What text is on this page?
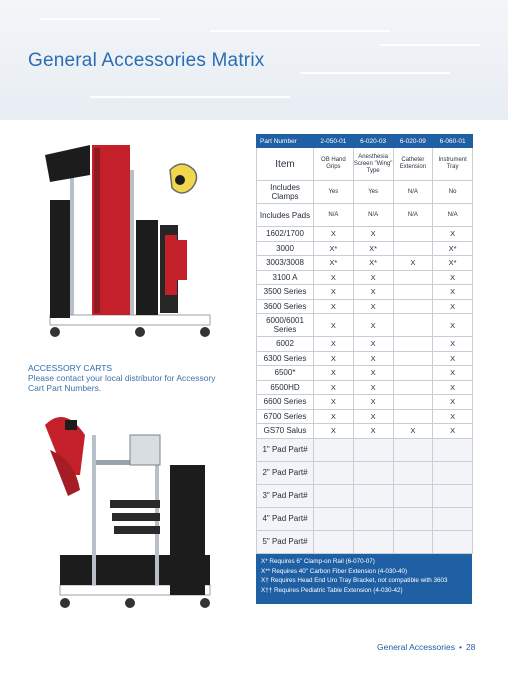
General Accessories Matrix

ACCESSORY CARTS

Please contact your local distributor for Accessory Cart Part Numbers.

Part Number	2-050-01	6-020-03	6-020-09	6-060-01
Item	OB Hand Grips	Anesthesia Screen "Wing" Type	Catheter Extension	Instrument Tray
Includes Clamps	Yes	Yes	N/A	No
Includes Pads	N/A	N/A	N/A	N/A
1602/1700	X	X		X
3000	X*	X*		X*
3003/3008	X*	X*	X	X*
3100 A	X	X		X
3500 Series	X	X		X
3600 Series	X	X		X
6000/6001 Series	X	X		X
6002	X	X		X
6300 Series	X	X		X
6500*	X	X		X
6500HD	X	X		X
6600 Series	X	X		X
6700 Series	X	X		X
GS70 Salus	X	X	X	X
1" Pad Part#				
2" Pad Part#				
3" Pad Part#				
4" Pad Part#				
5" Pad Part#				

X* Requires 6" Clamp-on Rail (6-070-07)

X** Requires 40" Carbon Fiber Extension (4-030-40)

X† Requires Head End Uro Tray Bracket, not compatible with 3603

X†† Requires Pediatric Table Extension (4-030-42)

General Accessories • 28
